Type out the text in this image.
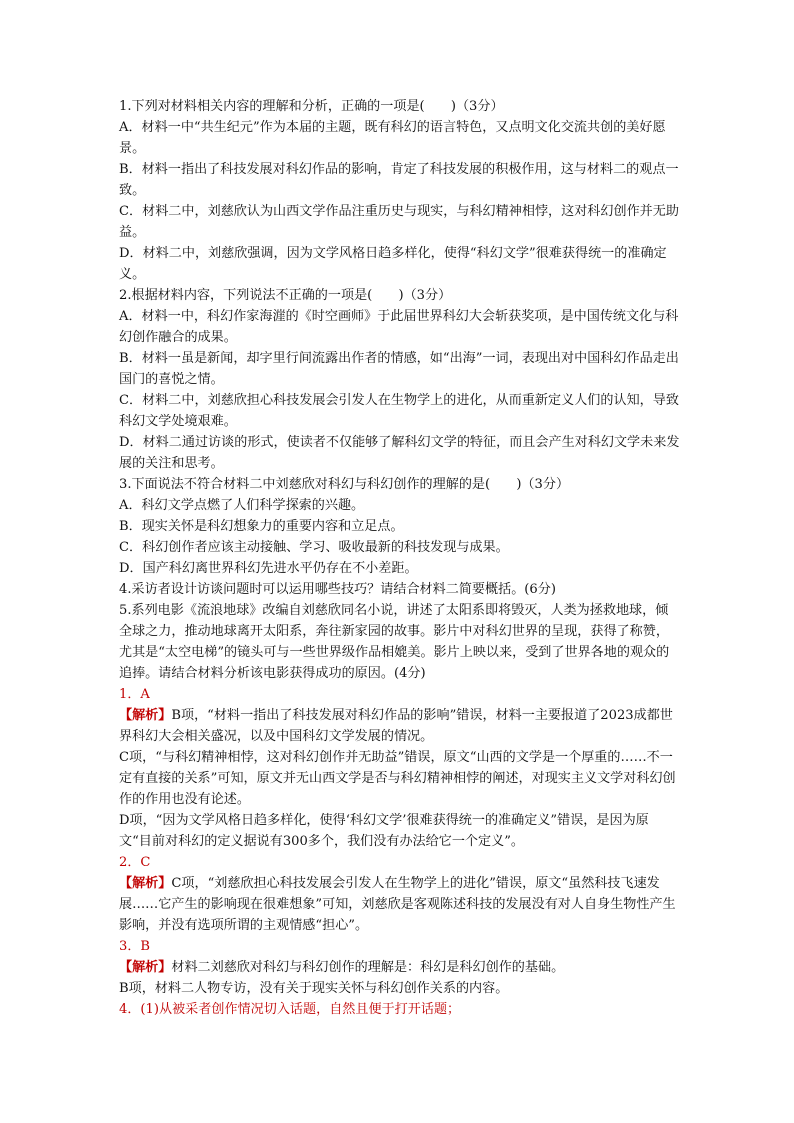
1.下列对材料相关内容的理解和分析，正确的一项是(　　)（3分）

A．材料一中“共生纪元”作为本届的主题，既有科幻的语言特色，又点明文化交流共创的美好愿景。

B．材料一指出了科技发展对科幻作品的影响，肯定了科技发展的积极作用，这与材料二的观点一致。

C．材料二中，刘慈欣认为山西文学作品注重历史与现实，与科幻精神相悖，这对科幻创作并无助益。

D．材料二中，刘慈欣强调，因为文学风格日趋多样化，使得“科幻文学”很难获得统一的准确定义。

2.根据材料内容，下列说法不正确的一项是(　　)（3分）

A．材料一中，科幻作家海漄的《时空画师》于此届世界科幻大会斩获奖项，是中国传统文化与科幻创作融合的成果。

B．材料一虽是新闻，却字里行间流露出作者的情感，如“出海”一词，表现出对中国科幻作品走出国门的喜悦之情。

C．材料二中，刘慈欣担心科技发展会引发人在生物学上的进化，从而重新定义人们的认知，导致科幻文学处境艰难。

D．材料二通过访谈的形式，使读者不仅能够了解科幻文学的特征，而且会产生对科幻文学未来发展的关注和思考。

3.下面说法不符合材料二中刘慈欣对科幻与科幻创作的理解的是(　　)（3分）

A．科幻文学点燃了人们科学探索的兴趣。

B．现实关怀是科幻想象力的重要内容和立足点。

C．科幻创作者应该主动接触、学习、吸收最新的科技发现与成果。

D．国产科幻离世界科幻先进水平仍存在不小差距。

4.采访者设计访谈问题时可以运用哪些技巧？请结合材料二简要概括。(6分)

5.系列电影《流浪地球》改编自刘慈欣同名小说，讲述了太阳系即将毁灭，人类为拯救地球，倾全球之力，推动地球离开太阳系，奔往新家园的故事。影片中对科幻世界的呈现，获得了称赞，尤其是“太空电梯”的镜头可与一些世界级作品相媲美。影片上映以来，受到了世界各地的观众的追捧。请结合材料分析该电影获得成功的原因。(4分)

1．A

【解析】B项，“材料一指出了科技发展对科幻作品的影响”错误，材料一主要报道了2023成都世界科幻大会相关盛况，以及中国科幻文学发展的情况。

C项，“与科幻精神相悖，这对科幻创作并无助益”错误，原文“山西的文学是一个厚重的……不一定有直接的关系”可知，原文并无山西文学是否与科幻精神相悖的阐述，对现实主义文学对科幻创作的作用也没有论述。

D项，“因为文学风格日趋多样化，使得‘科幻文学’很难获得统一的准确定义”错误，是因为原文“目前对科幻的定义据说有300多个，我们没有办法给它一个定义”。

2．C

【解析】C项，“刘慈欣担心科技发展会引发人在生物学上的进化”错误，原文“虽然科技飞速发展……它产生的影响现在很难想象”可知，刘慈欣是客观陈述科技的发展没有对人自身生物性产生影响，并没有选项所谓的主观情感“担心”。

3．B

【解析】材料二刘慈欣对科幻与科幻创作的理解是：科幻是科幻创作的基础。

B项，材料二人物专访，没有关于现实关怀与科幻创作关系的内容。

4．(1)从被采者创作情况切入话题，自然且便于打开话题；
